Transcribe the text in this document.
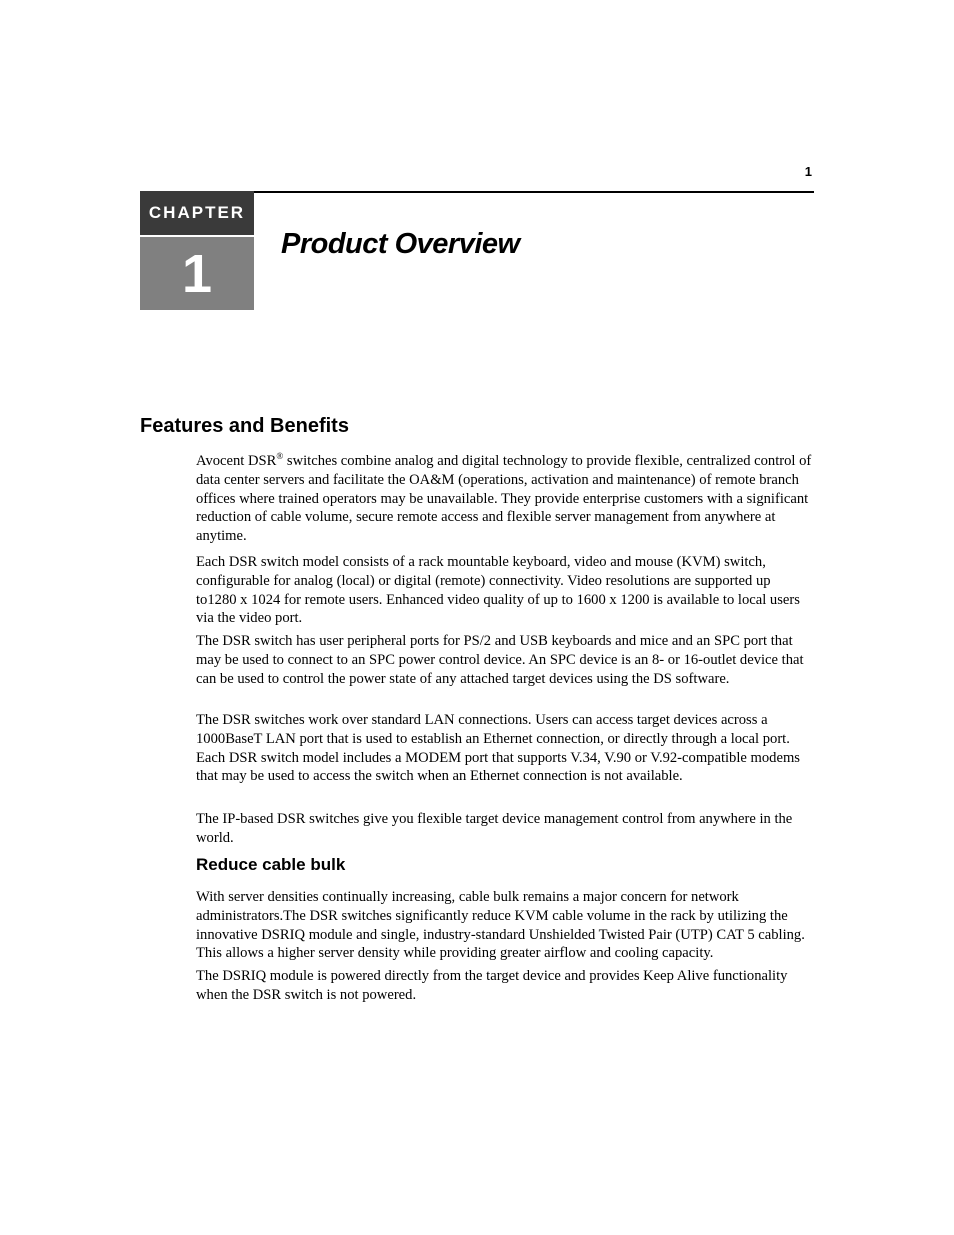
1
CHAPTER
1	Product Overview
Features and Benefits

Avocent DSR® switches combine analog and digital technology to provide flexible, centralized control of data center servers and facilitate the OA&M (operations, activation and maintenance) of remote branch offices where trained operators may be unavailable. They provide enterprise customers with a significant reduction of cable volume, secure remote access and flexible server management from anywhere at anytime.

Each DSR switch model consists of a rack mountable keyboard, video and mouse (KVM) switch, configurable for analog (local) or digital (remote) connectivity. Video resolutions are supported up to1280 x 1024 for remote users. Enhanced video quality of up to 1600 x 1200 is available to local users via the video port.

The DSR switch has user peripheral ports for PS/2 and USB keyboards and mice and an SPC port that may be used to connect to an SPC power control device. An SPC device is an 8- or 16-outlet device that can be used to control the power state of any attached target devices using the DS software.

The DSR switches work over standard LAN connections. Users can access target devices across a 1000BaseT LAN port that is used to establish an Ethernet connection, or directly through a local port. Each DSR switch model includes a MODEM port that supports V.34, V.90 or V.92-compatible modems that may be used to access the switch when an Ethernet connection is not available.

The IP-based DSR switches give you flexible target device management control from anywhere in the world.

Reduce cable bulk

With server densities continually increasing, cable bulk remains a major concern for network administrators.The DSR switches significantly reduce KVM cable volume in the rack by utilizing the innovative DSRIQ module and single, industry-standard Unshielded Twisted Pair (UTP) CAT 5 cabling. This allows a higher server density while providing greater airflow and cooling capacity.

The DSRIQ module is powered directly from the target device and provides Keep Alive functionality when the DSR switch is not powered.
